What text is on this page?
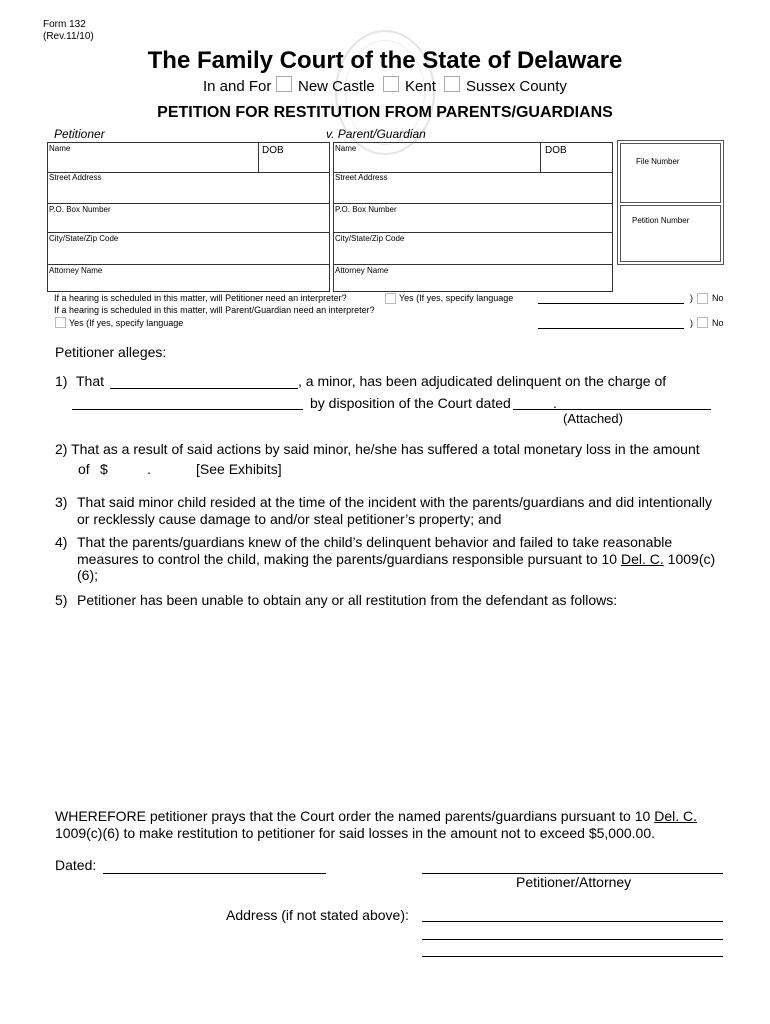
Form 132
(Rev.11/10)
The Family Court of the State of Delaware
In and For New Castle Kent Sussex County
PETITION FOR RESTITUTION FROM PARENTS/GUARDIANS
Petitioner	v. Parent/Guardian
Name	DOB
Street Address
P.O. Box Number
City/State/Zip Code
Attorney Name
Name	DOB
Street Address
P.O. Box Number
City/State/Zip Code
Attorney Name
File Number
Petition Number
If a hearing is scheduled in this matter, will Petitioner need an interpreter?	Yes (If yes, specify language	) No
If a hearing is scheduled in this matter, will Parent/Guardian need an interpreter?
Yes (If yes, specify language	) No
Petitioner alleges:
1) That	, a minor, has been adjudicated delinquent on the charge of
by disposition of the Court dated	.
(Attached)
2) That as a result of said actions by said minor, he/she has suffered a total monetary loss in the amount
of $	.	[See Exhibits]
3) That said minor child resided at the time of the incident with the parents/guardians and did intentionally
or recklessly cause damage to and/or steal petitioner’s property; and
4) That the parents/guardians knew of the child’s delinquent behavior and failed to take reasonable
measures to control the child, making the parents/guardians responsible pursuant to 10 Del. C. 1009(c)
(6);
5) Petitioner has been unable to obtain any or all restitution from the defendant as follows:
WHEREFORE petitioner prays that the Court order the named parents/guardians pursuant to 10 Del. C.
1009(c)(6) to make restitution to petitioner for said losses in the amount not to exceed $5,000.00.
Dated:
Petitioner/Attorney
Address (if not stated above):
